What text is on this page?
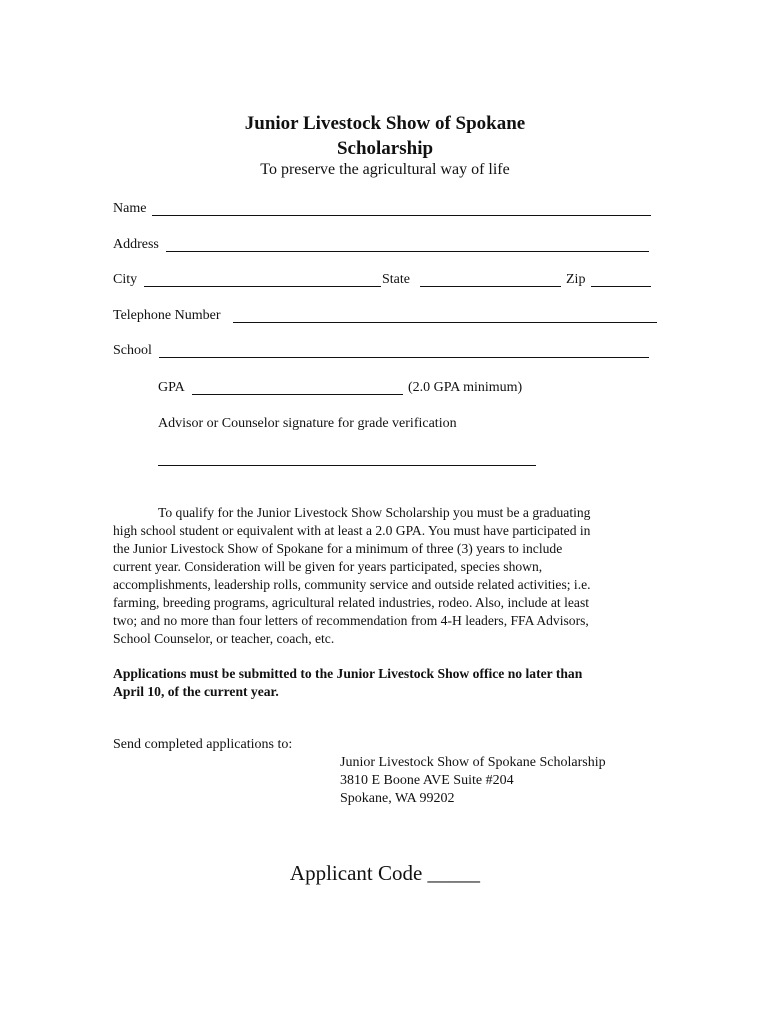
Junior Livestock Show of Spokane
Scholarship
To preserve the agricultural way of life
Name
Address
City	State	Zip
Telephone Number
School
GPA	(2.0 GPA minimum)
Advisor or Counselor signature for grade verification
To qualify for the Junior Livestock Show Scholarship you must be a graduating
high school student or equivalent with at least a 2.0 GPA. You must have participated in
the Junior Livestock Show of Spokane for a minimum of three (3) years to include
current year. Consideration will be given for years participated, species shown,
accomplishments, leadership rolls, community service and outside related activities; i.e.
farming, breeding programs, agricultural related industries, rodeo. Also, include at least
two; and no more than four letters of recommendation from 4-H leaders, FFA Advisors,
School Counselor, or teacher, coach, etc.
Applications must be submitted to the Junior Livestock Show office no later than
April 10, of the current year.
Send completed applications to:
Junior Livestock Show of Spokane Scholarship
3810 E Boone AVE Suite #204
Spokane, WA 99202
Applicant Code _____
